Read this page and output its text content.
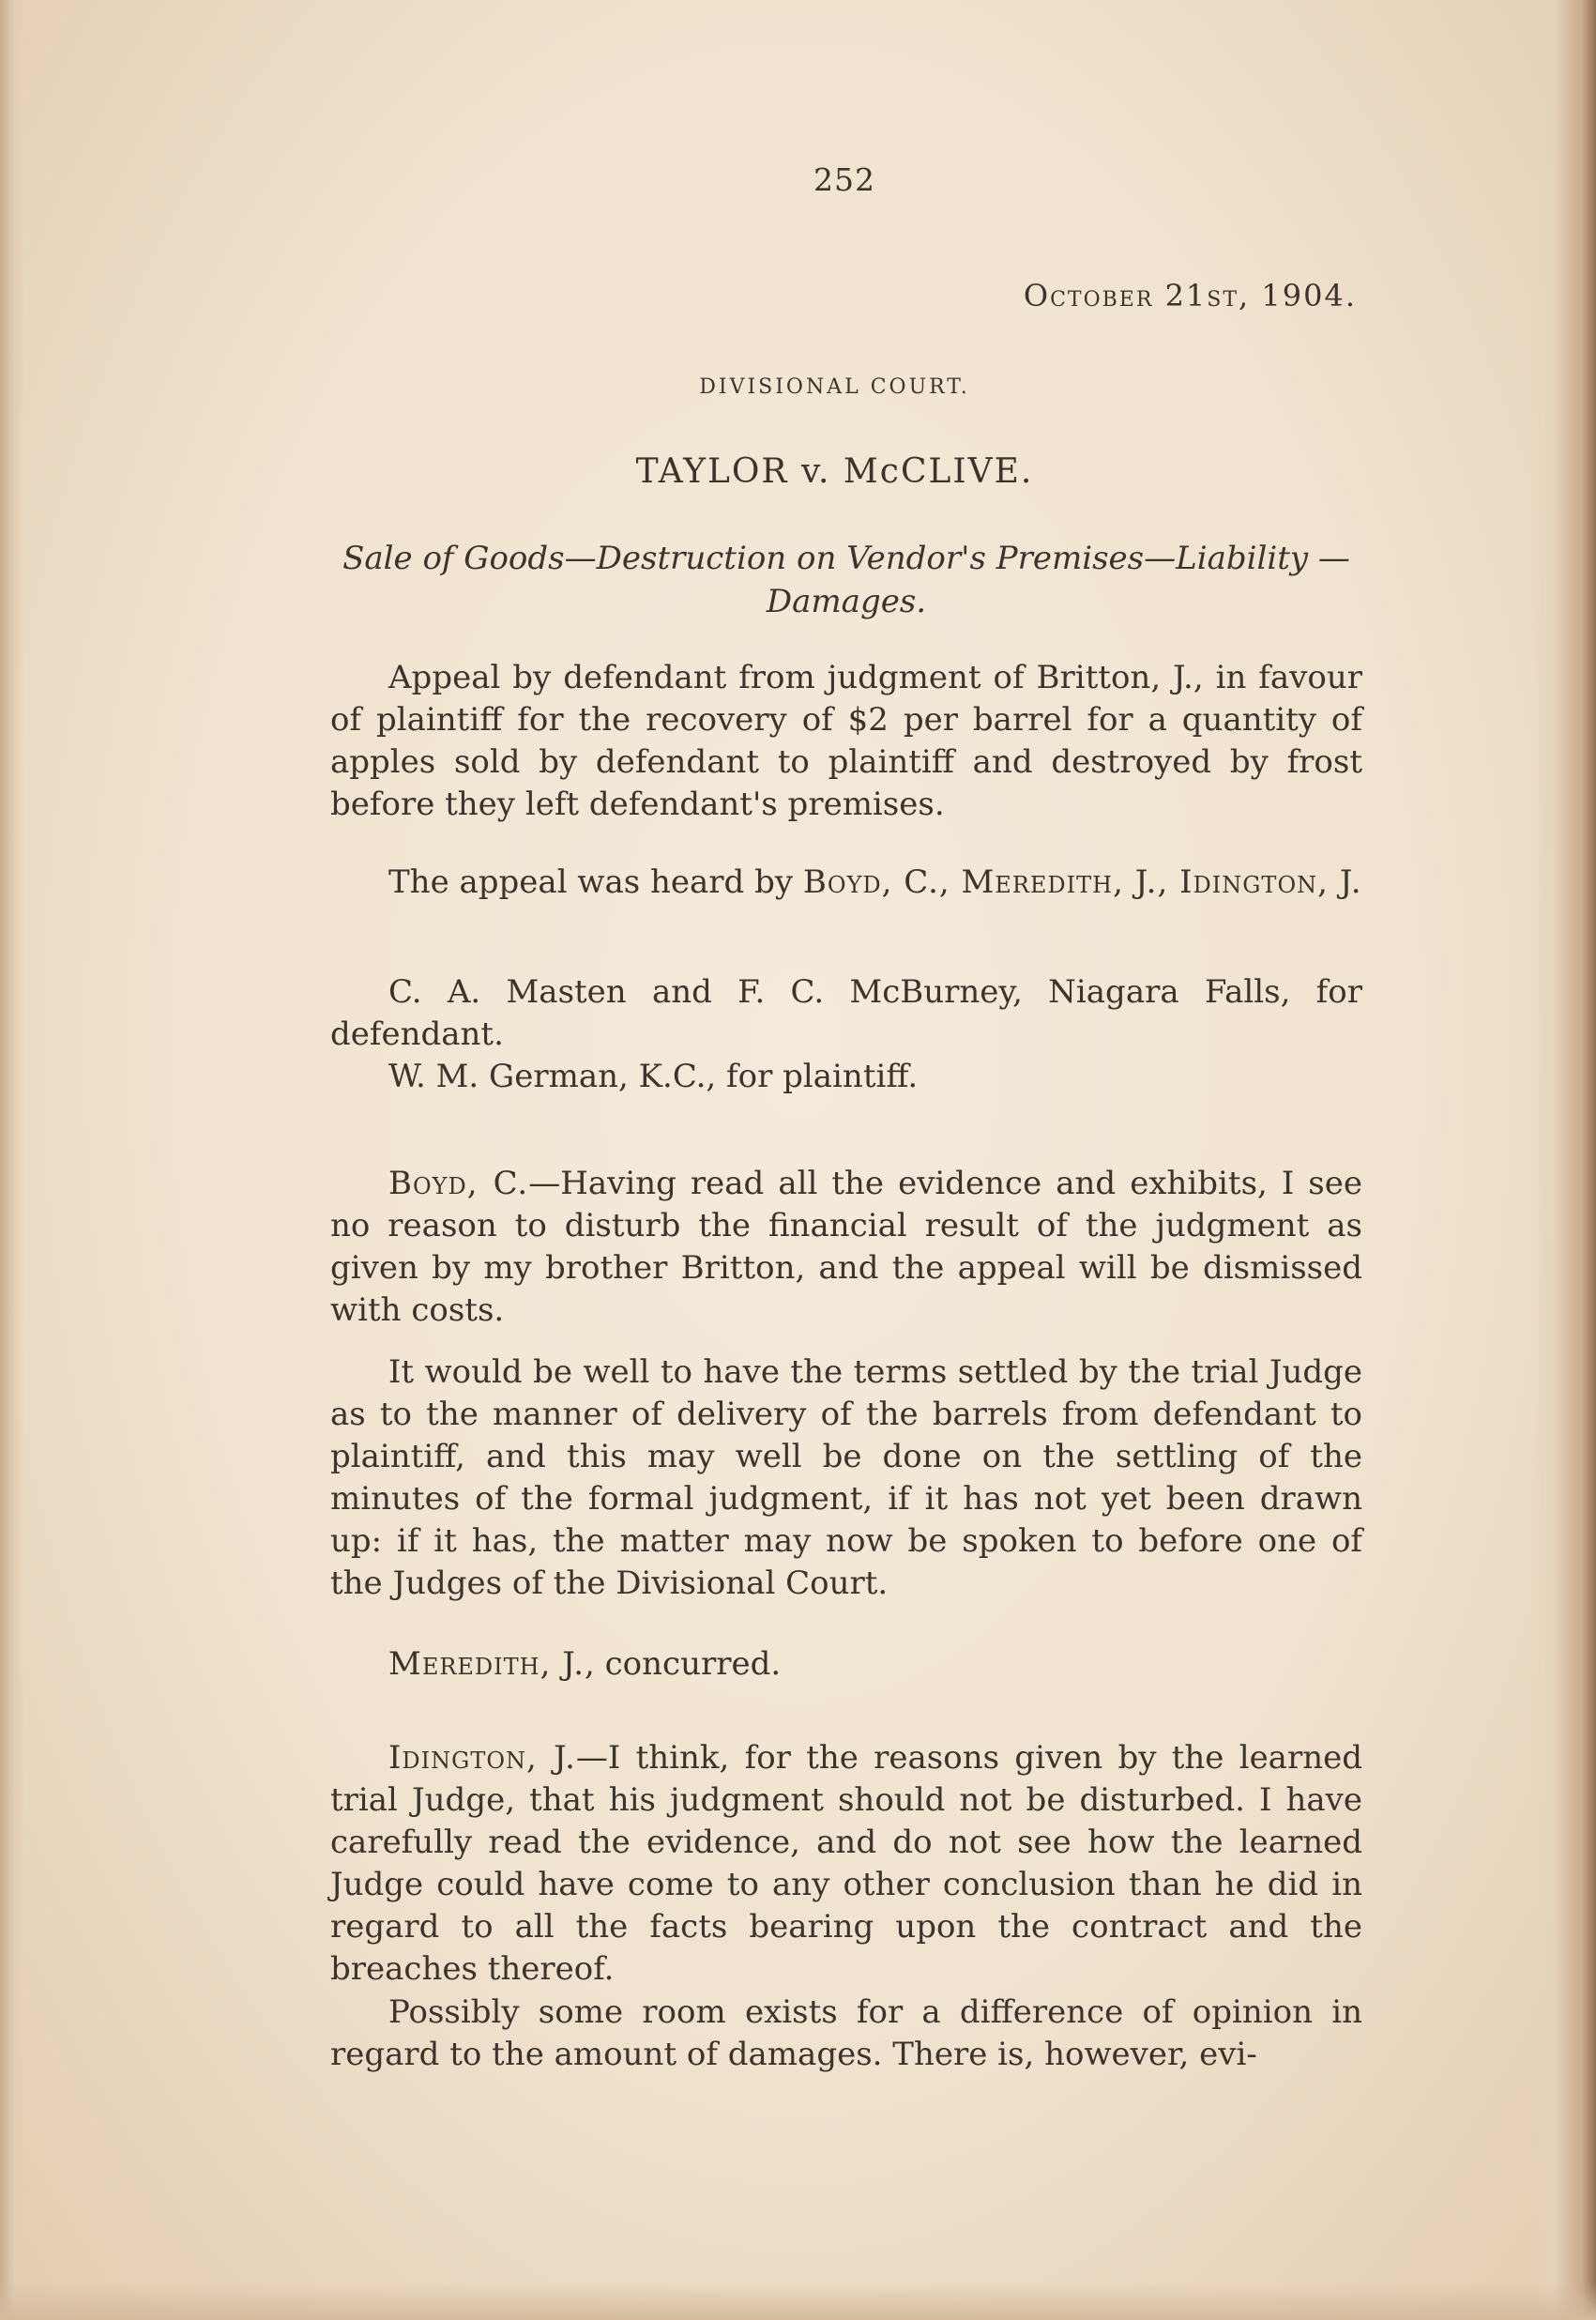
252
October 21st, 1904.
DIVISIONAL COURT.
TAYLOR v. McCLIVE.
Sale of Goods—Destruction on Vendor's Premises—Liability —Damages.

Appeal by defendant from judgment of Britton, J., in favour of plaintiff for the recovery of $2 per barrel for a quantity of apples sold by defendant to plaintiff and destroyed by frost before they left defendant's premises.

The appeal was heard by Boyd, C., Meredith, J., Idington, J.

C. A. Masten and F. C. McBurney, Niagara Falls, for defendant.

W. M. German, K.C., for plaintiff.

Boyd, C.—Having read all the evidence and exhibits, I see no reason to disturb the financial result of the judgment as given by my brother Britton, and the appeal will be dismissed with costs.

It would be well to have the terms settled by the trial Judge as to the manner of delivery of the barrels from defendant to plaintiff, and this may well be done on the settling of the minutes of the formal judgment, if it has not yet been drawn up: if it has, the matter may now be spoken to before one of the Judges of the Divisional Court.

Meredith, J., concurred.

Idington, J.—I think, for the reasons given by the learned trial Judge, that his judgment should not be disturbed. I have carefully read the evidence, and do not see how the learned Judge could have come to any other conclusion than he did in regard to all the facts bearing upon the contract and the breaches thereof.

Possibly some room exists for a difference of opinion in regard to the amount of damages. There is, however, evi-
